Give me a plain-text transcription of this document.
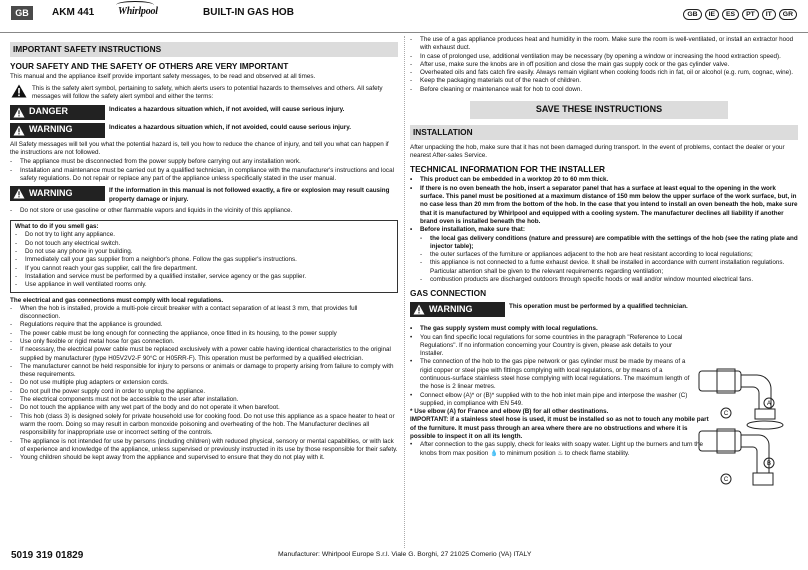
GB	AKM 441 Whirlpool	BUILT-IN GAS HOB	GB	IE	ES	PT	IT	GR
IMPORTANT SAFETY INSTRUCTIONS
YOUR SAFETY AND THE SAFETY OF OTHERS ARE VERY IMPORTANT
This manual and the appliance itself provide important safety messages, to be read and observed at all times.
This is the safety alert symbol, pertaining to safety, which alerts users to potential hazards to themselves and others. All safety messages will follow the safety alert symbol and either the terms:
DANGER	Indicates a hazardous situation which, if not avoided, will cause serious injury.
WARNING	Indicates a hazardous situation which, if not avoided, could cause serious injury.
All Safety messages will tell you what the potential hazard is, tell you how to reduce the chance of injury, and tell you what can happen if the instructions are not followed.
- The appliance must be disconnected from the power supply before carrying out any installation work.
- Installation and maintenance must be carried out by a qualified technician, in compliance with the manufacturer's instructions and local safety regulations. Do not repair or replace any part of the appliance unless specifically stated in the user manual.
WARNING	If the information in this manual is not followed exactly, a fire or explosion may result causing property damage or injury.
- Do not store or use gasoline or other flammable vapors and liquids in the vicinity of this appliance.
What to do if you smell gas:
- Do not try to light any appliance.
- Do not touch any electrical switch.
- Do not use any phone in your building.
- Immediately call your gas supplier from a neighbor's phone. Follow the gas supplier's instructions.
- If you cannot reach your gas supplier, call the fire department.
- Installation and service must be performed by a qualified installer, service agency or the gas supplier.
- Use appliance in well ventilated rooms only.
The electrical and gas connections must comply with local regulations.
- When the hob is installed, provide a multi-pole circuit breaker with a contact separation of at least 3 mm, that provides full disconnection.
- Regulations require that the appliance is grounded.
- The power cable must be long enough for connecting the appliance, once fitted in its housing, to the power supply
- Use only flexible or rigid metal hose for gas connection.
- If necessary, the electrical power cable must be replaced exclusively with a power cable having identical characteristics to the original supplied by manufacturer (type H05V2V2-F 90°C or H05RR-F). This operation must be performed by a qualified electrician.
- The manufacturer cannot be held responsible for injury to persons or animals or damage to property arising from failure to comply with these requirements.
- Do not use multiple plug adapters or extension cords.
- Do not pull the power supply cord in order to unplug the appliance.
- The electrical components must not be accessible to the user after installation.
- Do not touch the appliance with any wet part of the body and do not operate it when barefoot.
- This hob (class 3) is designed solely for private household use for cooking food. Do not use this appliance as a space heater to heat or warm the room. Doing so may result in carbon monoxide poisoning and overheating of the hob. The Manufacturer declines all responsibility for inappropriate use or incorrect setting of the controls.
- The appliance is not intended for use by persons (including children) with reduced physical, sensory or mental capabilities, or with lack of experience and knowledge of the appliance, unless supervised or previously instructed in its use by those responsible for their safety.
- Young children should be kept away from the appliance and supervised to ensure that they do not play with it.
- The use of a gas appliance produces heat and humidity in the room. Make sure the room is well-ventilated, or install an extractor hood with exhaust duct.
- In case of prolonged use, additional ventilation may be necessary (by opening a window or increasing the hood extraction speed).
- After use, make sure the knobs are in off position and close the main gas supply cock or the gas cylinder valve.
- Overheated oils and fats catch fire easily. Always remain vigilant when cooking foods rich in fat, oil or alcohol (e.g. rum, cognac, wine).
- Keep the packaging materials out of the reach of children.
- Before cleaning or maintenance wait for hob to cool down.
SAVE THESE INSTRUCTIONS
INSTALLATION
After unpacking the hob, make sure that it has not been damaged during transport. In the event of problems, contact the dealer or your nearest After-sales Service.
TECHNICAL INFORMATION FOR THE INSTALLER
• This product can be embedded in a worktop 20 to 60 mm thick.
• If there is no oven beneath the hob, insert a separator panel that has a surface at least equal to the opening in the work surface. This panel must be positioned at a maximum distance of 150 mm below the upper surface of the work surface, but, in no case less than 20 mm from the bottom of the hob. In the case that you intend to install an oven beneath the hob, make sure that it is manufactured by Whirlpool and equipped with a cooling system. The manufacturer declines all liability if another brand oven is installed beneath the hob.
• Before installation, make sure that:
- the local gas delivery conditions (nature and pressure) are compatible with the settings of the hob (see the rating plate and injector table);
- the outer surfaces of the furniture or appliances adjacent to the hob are heat resistant according to local regulations;
- this appliance is not connected to a fume exhaust device. It shall be installed in accordance with current installation regulations. Particular attention shall be given to the relevant requirements regarding ventilation;
- combustion products are discharged outdoors through specific hoods or wall and/or window mounted electrical fans.
GAS CONNECTION
WARNING	This operation must be performed by a qualified technician.
• The gas supply system must comply with local regulations.
• You can find specific local regulations for some countries in the paragraph "Reference to Local Regulations". If no information concerning your Country is given, please ask details to your Installer.
• The connection of the hob to the gas pipe network or gas cylinder must be made by means of a rigid copper or steel pipe with fittings complying with local regulations, or by means of a continuous-surface stainless steel hose complying with local regulations. The maximum length of the hose is 2 linear metres.
• Connect elbow (A)* or (B)* supplied with to the hob inlet main pipe and interpose the washer (C) supplied, in compliance with EN 549.
* Use elbow (A) for France and elbow (B) for all other destinations.
IMPORTANT: if a stainless steel hose is used, it must be installed so as not to touch any mobile part of the furniture. It must pass through an area where there are no obstructions and where it is possible to inspect it on all its length.
• After connection to the gas supply, check for leaks with soapy water. Light up the burners and turn the knobs from max position 💧 to minimum position ♨ to check flame stability.
A
B
C
C
5019 319 01829	Manufacturer: Whirlpool Europe S.r.l. Viale G. Borghi, 27 21025 Comerio (VA) ITALY
